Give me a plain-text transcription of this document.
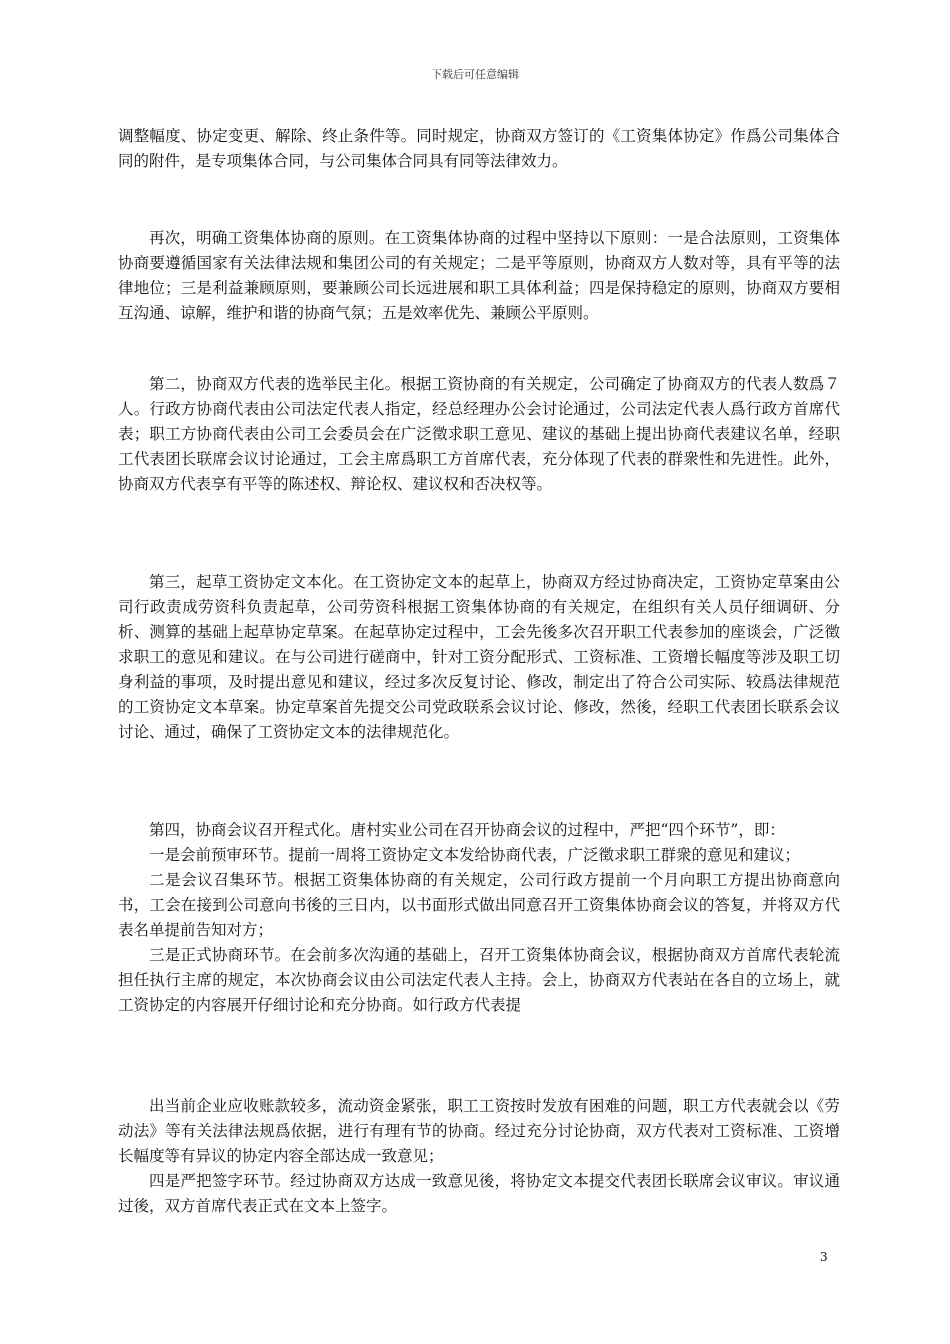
下载后可任意编辑

调整幅度、协定变更、解除、终止条件等。同时规定，协商双方签订的《工资集体协定》作爲公司集体合同的附件，是专项集体合同，与公司集体合同具有同等法律效力。

再次，明确工资集体协商的原则。在工资集体协商的过程中坚持以下原则：一是合法原则，工资集体协商要遵循国家有关法律法规和集团公司的有关规定；二是平等原则，协商双方人数对等，具有平等的法律地位；三是利益兼顾原则，要兼顾公司长远进展和职工具体利益；四是保持稳定的原则，协商双方要相互沟通、谅解，维护和谐的协商气氛；五是效率优先、兼顾公平原则。

第二，协商双方代表的选举民主化。根据工资协商的有关规定，公司确定了协商双方的代表人数爲７人。行政方协商代表由公司法定代表人指定，经总经理办公会讨论通过，公司法定代表人爲行政方首席代表；职工方协商代表由公司工会委员会在广泛徵求职工意见、建议的基础上提出协商代表建议名单，经职工代表团长联席会议讨论通过，工会主席爲职工方首席代表，充分体现了代表的群衆性和先进性。此外，协商双方代表享有平等的陈述权、辩论权、建议权和否决权等。

第三，起草工资协定文本化。在工资协定文本的起草上，协商双方经过协商决定，工资协定草案由公司行政责成劳资科负责起草，公司劳资科根据工资集体协商的有关规定，在组织有关人员仔细调研、分析、测算的基础上起草协定草案。在起草协定过程中，工会先後多次召开职工代表参加的座谈会，广泛徵求职工的意见和建议。在与公司进行磋商中，针对工资分配形式、工资标准、工资增长幅度等涉及职工切身利益的事项，及时提出意见和建议，经过多次反复讨论、修改，制定出了符合公司实际、较爲法律规范的工资协定文本草案。协定草案首先提交公司党政联系会议讨论、修改，然後，经职工代表团长联系会议讨论、通过，确保了工资协定文本的法律规范化。

第四，协商会议召开程式化。唐村实业公司在召开协商会议的过程中，严把“四个环节”，即：

一是会前预审环节。提前一周将工资协定文本发给协商代表，广泛徵求职工群衆的意见和建议；

二是会议召集环节。根据工资集体协商的有关规定，公司行政方提前一个月向职工方提出协商意向书，工会在接到公司意向书後的三日内，以书面形式做出同意召开工资集体协商会议的答复，并将双方代表名单提前告知对方；

三是正式协商环节。在会前多次沟通的基础上，召开工资集体协商会议，根据协商双方首席代表轮流担任执行主席的规定，本次协商会议由公司法定代表人主持。会上，协商双方代表站在各自的立场上，就工资协定的内容展开仔细讨论和充分协商。如行政方代表提

出当前企业应收账款较多，流动资金紧张，职工工资按时发放有困难的问题，职工方代表就会以《劳动法》等有关法律法规爲依据，进行有理有节的协商。经过充分讨论协商，双方代表对工资标准、工资增长幅度等有异议的协定内容全部达成一致意见；

四是严把签字环节。经过协商双方达成一致意见後，将协定文本提交代表团长联席会议审议。审议通过後，双方首席代表正式在文本上签字。

3
